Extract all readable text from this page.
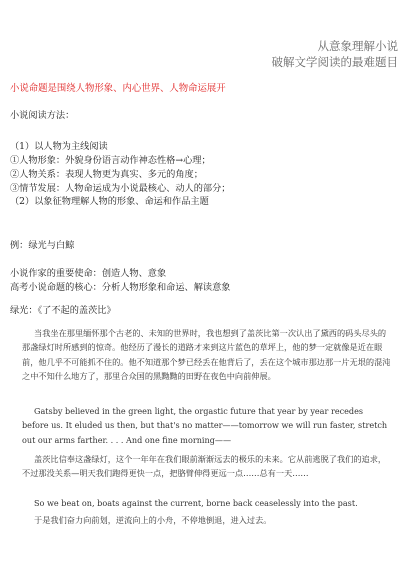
从意象理解小说
破解文学阅读的最难题目
小说命题是围绕人物形象、内心世界、人物命运展开
小说阅读方法：
（1）以人物为主线阅读
①人物形象：外貌身份语言动作神态性格→心理；
②人物关系：表现人物更为真实、多元的角度；
③情节发展：人物命运成为小说最核心、动人的部分；
（2）以象征物理解人物的形象、命运和作品主题
例：绿光与白鲸
小说作家的重要使命：创造人物、意象
高考小说命题的核心：分析人物形象和命运、解读意象
绿光：《了不起的盖茨比》
当我坐在那里缅怀那个古老的、未知的世界时，我也想到了盖茨比第一次认出了黛西的码头尽头的那盏绿灯时所感到的惊奇。他经历了漫长的道路才来到这片蓝色的草坪上，他的梦一定就像是近在眼前，他几乎不可能抓不住的。他不知道那个梦已经丢在他背后了，丢在这个城市那边那一片无垠的混沌之中不知什么地方了，那里合众国的黑黝黝的田野在夜色中向前伸展。
Gatsby believed in the green light, the orgastic future that year by year recedes before us. It eluded us then, but that's no matter——tomorrow we will run faster, stretch out our arms farther. . . . And one fine morning——
盖茨比信奉这盏绿灯，这个一年年在我们眼前渐渐远去的极乐的未来。它从前逃脱了我们的追求，不过那没关系—明天我们跑得更快一点，把胳臂伸得更远一点……总有一天……
So we beat on, boats against the current, borne back ceaselessly into the past.
于是我们奋力向前划，逆流向上的小舟，不停地倒退，进入过去。
